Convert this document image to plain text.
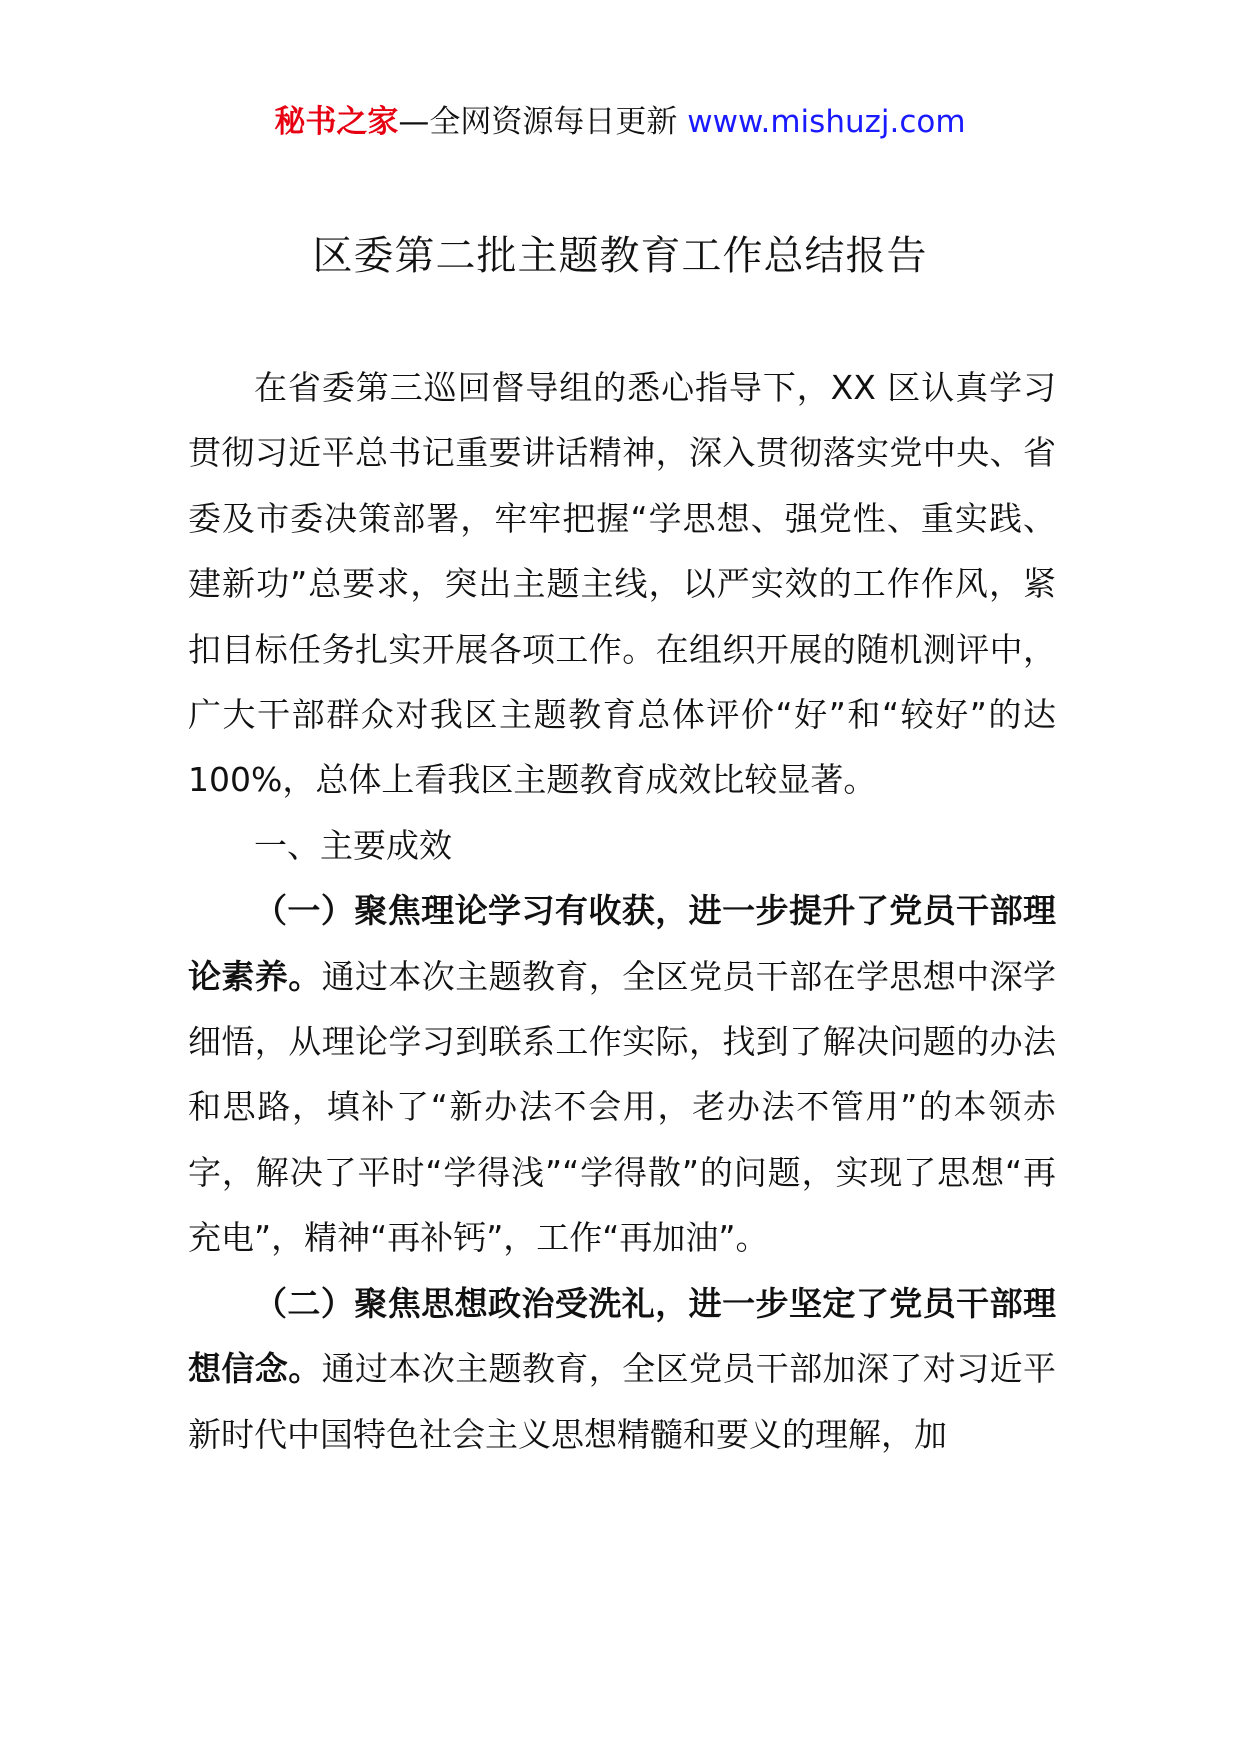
秘书之家—全网资源每日更新 www.mishuzj.com
区委第二批主题教育工作总结报告

在省委第三巡回督导组的悉心指导下，XX 区认真学习贯彻习近平总书记重要讲话精神，深入贯彻落实党中央、省委及市委决策部署，牢牢把握“学思想、强党性、重实践、建新功”总要求，突出主题主线，以严实效的工作作风，紧扣目标任务扎实开展各项工作。在组织开展的随机测评中，广大干部群众对我区主题教育总体评价“好”和“较好”的达 100%，总体上看我区主题教育成效比较显著。

一、主要成效

（一）聚焦理论学习有收获，进一步提升了党员干部理论素养。通过本次主题教育，全区党员干部在学思想中深学细悟，从理论学习到联系工作实际，找到了解决问题的办法和思路，填补了“新办法不会用，老办法不管用”的本领赤字，解决了平时“学得浅”“学得散”的问题，实现了思想“再充电”，精神“再补钙”，工作“再加油”。

（二）聚焦思想政治受洗礼，进一步坚定了党员干部理想信念。通过本次主题教育，全区党员干部加深了对习近平新时代中国特色社会主义思想精髓和要义的理解，加
